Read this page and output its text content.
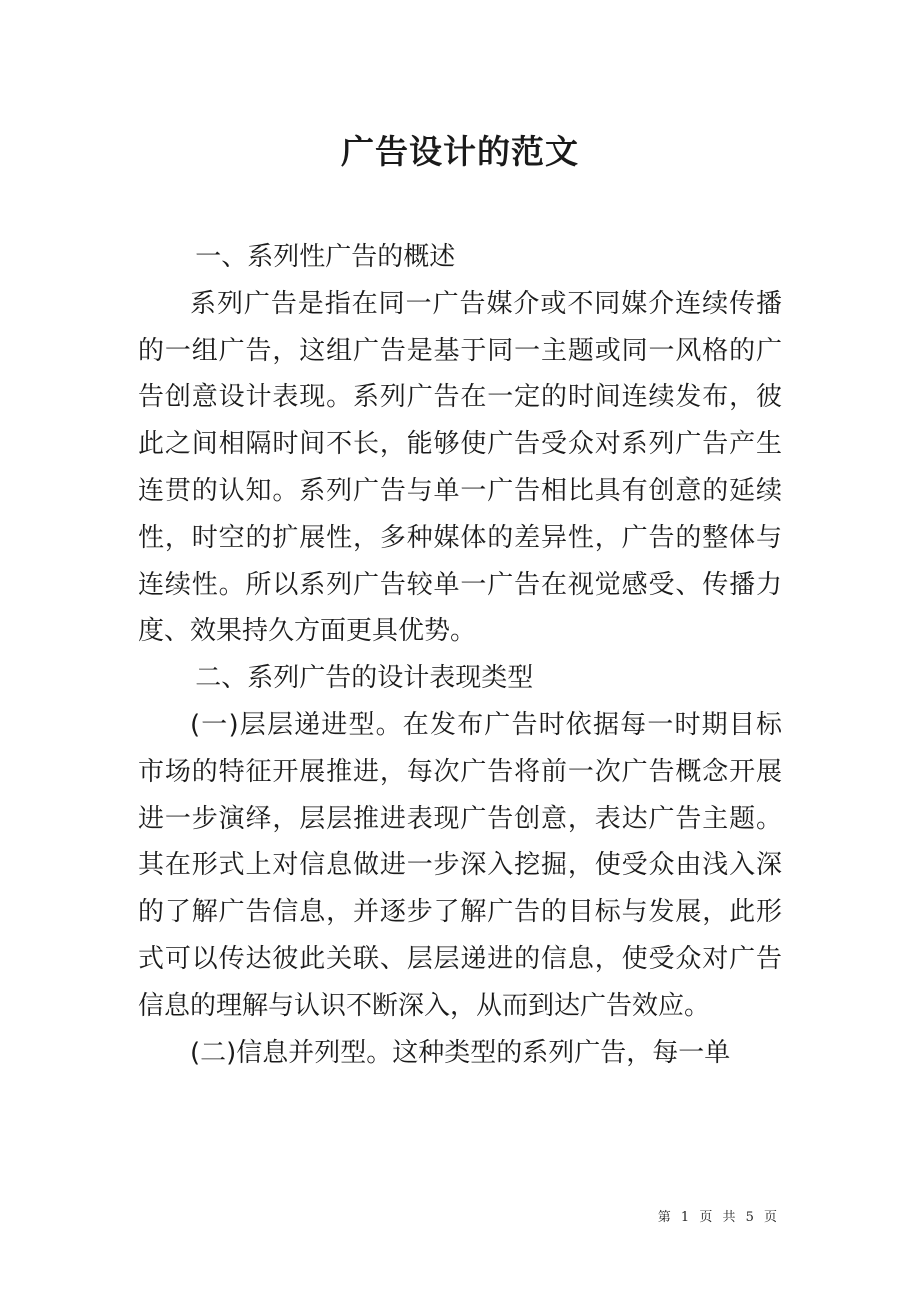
广告设计的范文

一、系列性广告的概述

系列广告是指在同一广告媒介或不同媒介连续传播的一组广告，这组广告是基于同一主题或同一风格的广告创意设计表现。系列广告在一定的时间连续发布，彼此之间相隔时间不长，能够使广告受众对系列广告产生连贯的认知。系列广告与单一广告相比具有创意的延续性，时空的扩展性，多种媒体的差异性，广告的整体与连续性。所以系列广告较单一广告在视觉感受、传播力度、效果持久方面更具优势。

二、系列广告的设计表现类型

(一)层层递进型。在发布广告时依据每一时期目标市场的特征开展推进，每次广告将前一次广告概念开展进一步演绎，层层推进表现广告创意，表达广告主题。其在形式上对信息做进一步深入挖掘，使受众由浅入深的了解广告信息，并逐步了解广告的目标与发展，此形式可以传达彼此关联、层层递进的信息，使受众对广告信息的理解与认识不断深入，从而到达广告效应。

(二)信息并列型。这种类型的系列广告，每一单

第 1 页 共 5 页
